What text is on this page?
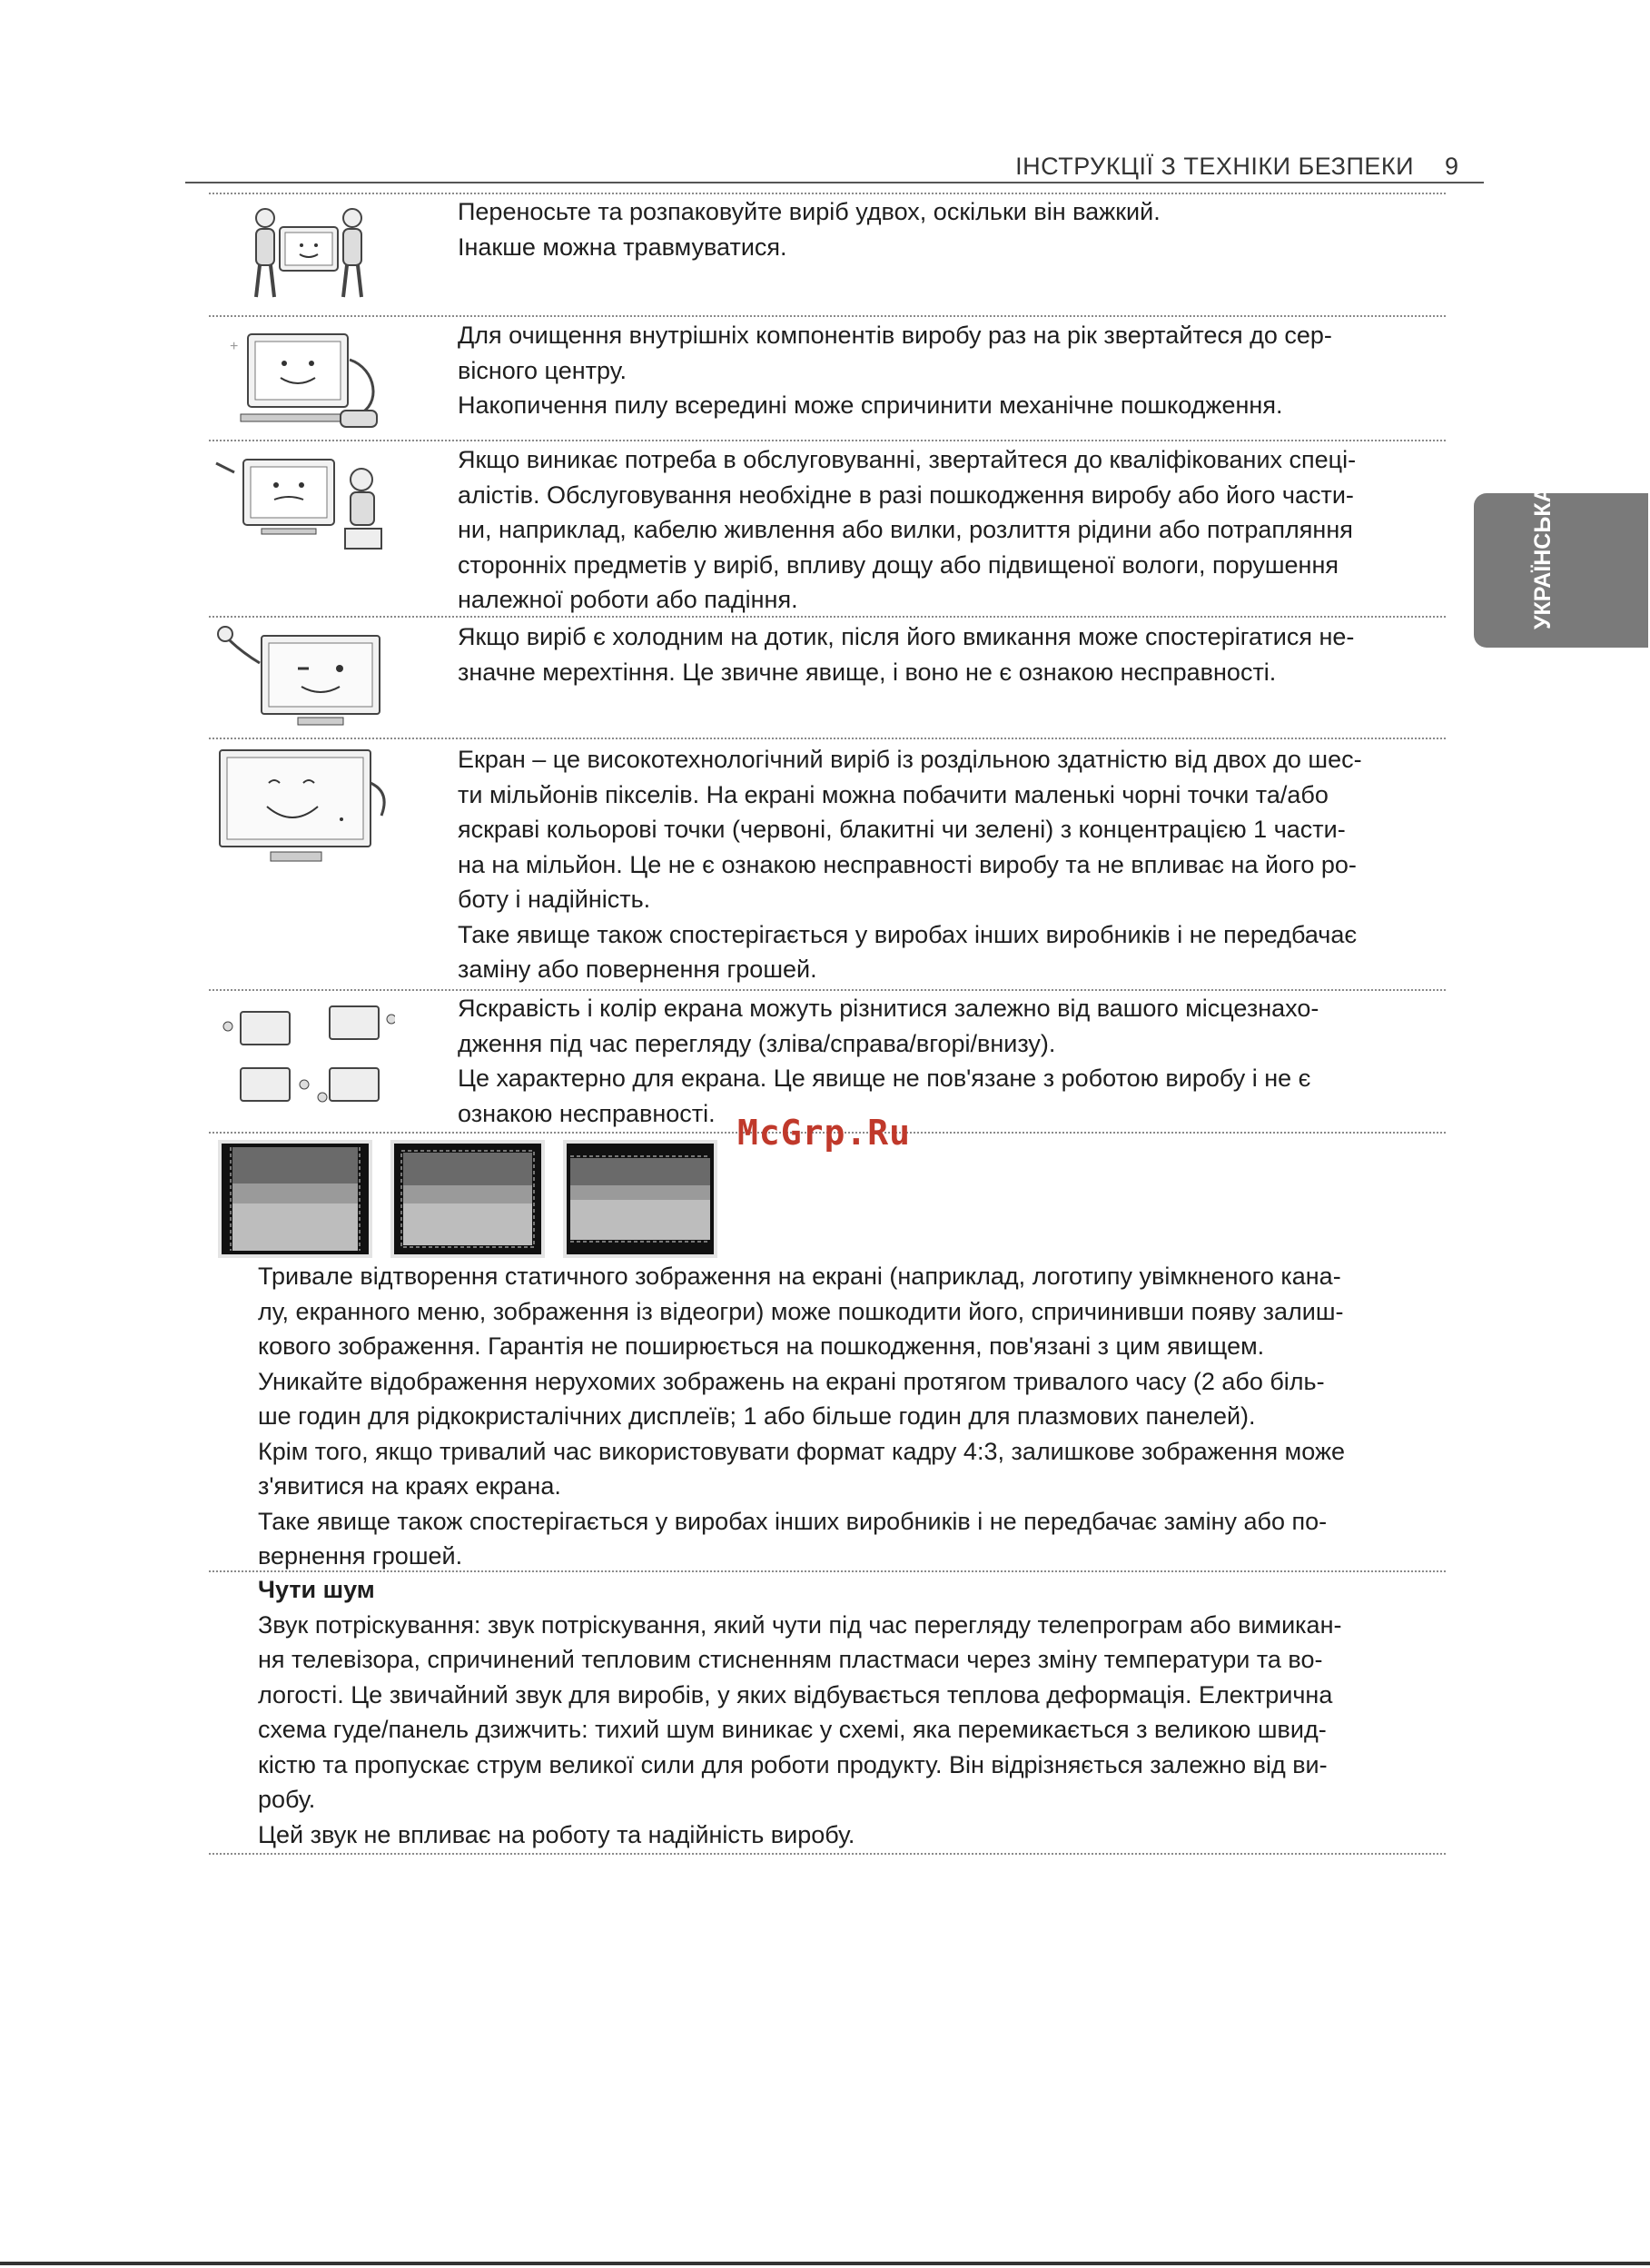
ІНСТРУКЦІЇ З ТЕХНІКИ БЕЗПЕКИ 9
УКРАЇНСЬКА

Переносьте та розпаковуйте виріб удвох, оскільки він важкий.

Інакше можна травмуватися.

+	Для очищення внутрішніх компонентів виробу раз на рік звертайтеся до сер-

вісного центру.

Накопичення пилу всередині може спричинити механічне пошкодження.

Якщо виникає потреба в обслуговуванні, звертайтеся до кваліфікованих спеці-

алістів. Обслуговування необхідне в разі пошкодження виробу або його части-

ни, наприклад, кабелю живлення або вилки, розлиття рідини або потрапляння

сторонніх предметів у виріб, впливу дощу або підвищеної вологи, порушення

належної роботи або падіння.

Якщо виріб є холодним на дотик, після його вмикання може спостерігатися не-

значне мерехтіння. Це звичне явище, і воно не є ознакою несправності.

Екран – це високотехнологічний виріб із роздільною здатністю від двох до шес-

ти мільйонів пікселів. На екрані можна побачити маленькі чорні точки та/або

яскраві кольорові точки (червоні, блакитні чи зелені) з концентрацією 1 части-

на на мільйон. Це не є ознакою несправності виробу та не впливає на його ро-

боту і надійність.

Таке явище також спостерігається у виробах інших виробників і не передбачає

заміну або повернення грошей.

Яскравість і колір екрана можуть різнитися залежно від вашого місцезнахо-

дження під час перегляду (зліва/справа/вгорі/внизу).

Це характерно для екрана. Це явище не пов'язане з роботою виробу і не є

ознакою несправності. McGrp.Ru

Тривале відтворення статичного зображення на екрані (наприклад, логотипу увімкненого кана-

лу, екранного меню, зображення із відеогри) може пошкодити його, спричинивши появу залиш-

кового зображення. Гарантія не поширюється на пошкодження, пов'язані з цим явищем.

Уникайте відображення нерухомих зображень на екрані протягом тривалого часу (2 або біль-

ше годин для рідкокристалічних дисплеїв; 1 або більше годин для плазмових панелей).

Крім того, якщо тривалий час використовувати формат кадру 4:3, залишкове зображення може

з'явитися на краях екрана.

Таке явище також спостерігається у виробах інших виробників і не передбачає заміну або по-

вернення грошей.

Чути шум

Звук потріскування: звук потріскування, який чути під час перегляду телепрограм або вимикан-

ня телевізора, спричинений тепловим стисненням пластмаси через зміну температури та во-

логості. Це звичайний звук для виробів, у яких відбувається теплова деформація. Електрична

схема гуде/панель дзижчить: тихий шум виникає у схемі, яка перемикається з великою швид-

кістю та пропускає струм великої сили для роботи продукту. Він відрізняється залежно від ви-

робу.

Цей звук не впливає на роботу та надійність виробу.
